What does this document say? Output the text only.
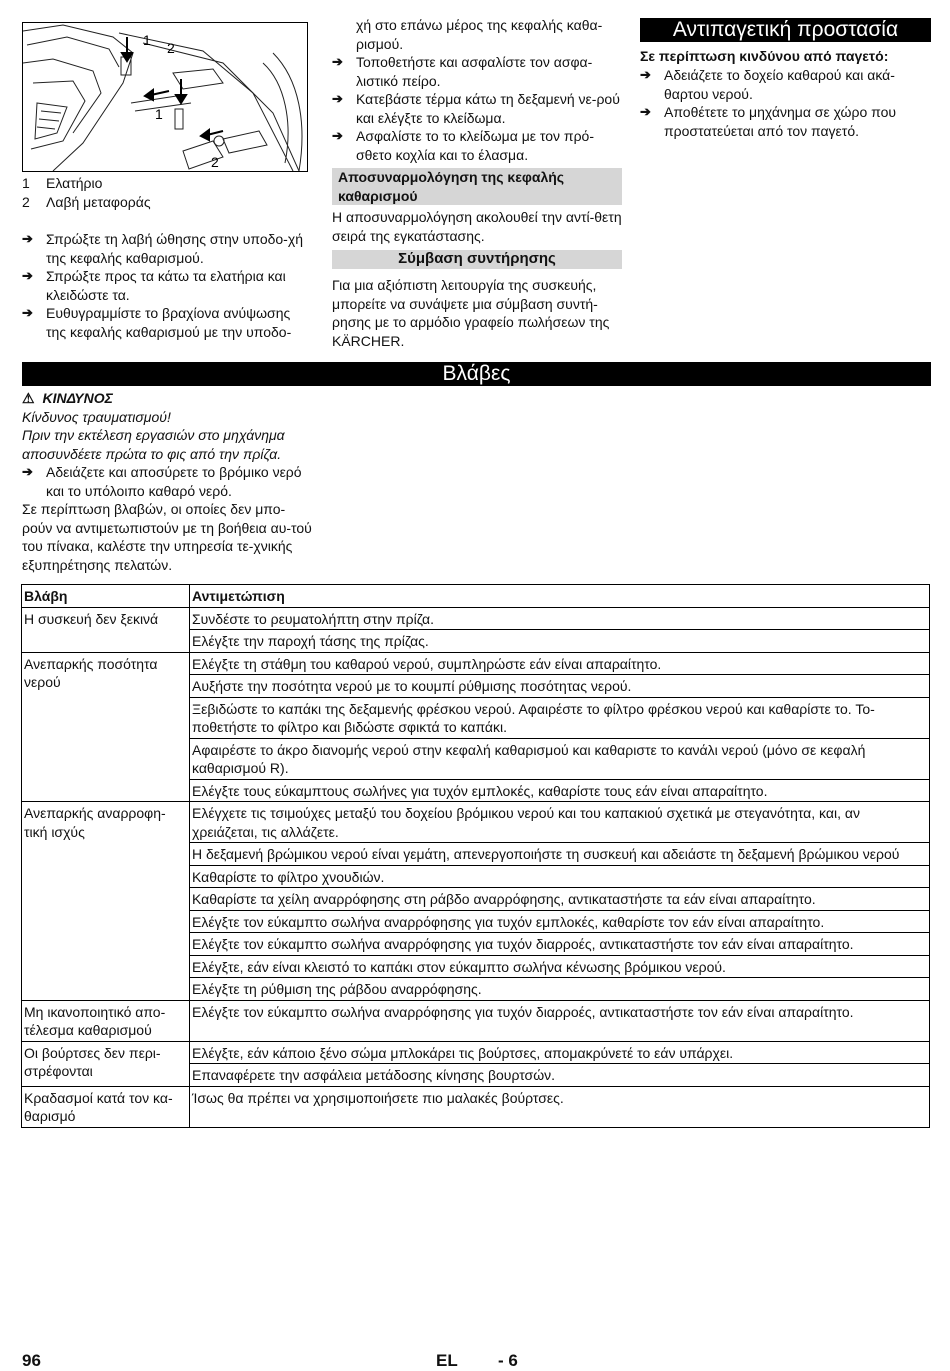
1 2
1
2
1 Ελατήριο
2 Λαβή μεταφοράς
➔ Σπρώξτε τη λαβή ώθησης στην υποδο-χή της κεφαλής καθαρισμού.
➔ Σπρώξτε προς τα κάτω τα ελατήρια και κλειδώστε τα.
➔ Ευθυγραμμίστε το βραχίονα ανύψωσης της κεφαλής καθαρισμού με την υποδο-
χή στο επάνω μέρος της κεφαλής καθα-ρισμού.
➔ Τοποθετήστε και ασφαλίστε τον ασφα-λιστικό πείρο.
➔ Κατεβάστε τέρμα κάτω τη δεξαμενή νε-ρού και ελέγξτε το κλείδωμα.
➔ Ασφαλίστε το το κλείδωμα με τον πρό-σθετο κοχλία και το έλασμα.
Αποσυναρμολόγηση της κεφαλής καθαρισμού
Η αποσυναρμολόγηση ακολουθεί την αντί-θετη σειρά της εγκατάστασης.
Σύμβαση συντήρησης
Για μια αξιόπιστη λειτουργία της συσκευής, μπορείτε να συνάψετε μια σύμβαση συντή-ρησης με το αρμόδιο γραφείο πωλήσεων της KÄRCHER.
Αντιπαγετική προστασία
Σε περίπτωση κινδύνου από παγετό:
➔ Αδειάζετε το δοχείο καθαρού και ακά-θαρτου νερού.
➔ Αποθέτετε το μηχάνημα σε χώρο που προστατεύεται από τον παγετό.
Βλάβες
⚠ ΚΙΝΔΥΝΟΣ
Κίνδυνος τραυματισμού!
Πριν την εκτέλεση εργασιών στο μηχάνημα αποσυνδέετε πρώτα το φις από την πρίζα.
➔ Αδειάζετε και αποσύρετε το βρόμικο νερό και το υπόλοιπο καθαρό νερό.
Σε περίπτωση βλαβών, οι οποίες δεν μπο-ρούν να αντιμετωπιστούν με τη βοήθεια αυ-τού του πίνακα, καλέστε την υπηρεσία τε-χνικής εξυπηρέτησης πελατών.
Βλάβη	Αντιμετώπιση
Η συσκευή δεν ξεκινά	Συνδέστε το ρευματολήπτη στην πρίζα.
	Ελέγξτε την παροχή τάσης της πρίζας.
Ανεπαρκής ποσότητα νερού	Ελέγξτε τη στάθμη του καθαρού νερού, συμπληρώστε εάν είναι απαραίτητο.
	Αυξήστε την ποσότητα νερού με το κουμπί ρύθμισης ποσότητας νερού.
	Ξεβιδώστε το καπάκι της δεξαμενής φρέσκου νερού. Αφαιρέστε το φίλτρο φρέσκου νερού και καθαρίστε το. Το-ποθετήστε το φίλτρο και βιδώστε σφικτά το καπάκι.
	Αφαιρέστε το άκρο διανομής νερού στην κεφαλή καθαρισμού και καθαριστε το κανάλι νερού (μόνο σε κεφαλή καθαρισμού R).
	Ελέγξτε τους εύκαμπτους σωλήνες για τυχόν εμπλοκές, καθαρίστε τους εάν είναι απαραίτητο.
Ανεπαρκής αναρροφη-τική ισχύς	Ελέγχετε τις τσιμούχες μεταξύ του δοχείου βρόμικου νερού και του καπακιού σχετικά με στεγανότητα, και, αν χρειάζεται, τις αλλάζετε.
	Η δεξαμενή βρώμικου νερού είναι γεμάτη, απενεργοποιήστε τη συσκευή και αδειάστε τη δεξαμενή βρώμικου νερού
	Καθαρίστε το φίλτρο χνουδιών.
	Καθαρίστε τα χείλη αναρρόφησης στη ράβδο αναρρόφησης, αντικαταστήστε τα εάν είναι απαραίτητο.
	Ελέγξτε τον εύκαμπτο σωλήνα αναρρόφησης για τυχόν εμπλοκές, καθαρίστε τον εάν είναι απαραίτητο.
	Ελέγξτε τον εύκαμπτο σωλήνα αναρρόφησης για τυχόν διαρροές, αντικαταστήστε τον εάν είναι απαραίτητο.
	Ελέγξτε, εάν είναι κλειστό το καπάκι στον εύκαμπτο σωλήνα κένωσης βρόμικου νερού.
	Ελέγξτε τη ρύθμιση της ράβδου αναρρόφησης.
Μη ικανοποιητικό απο-τέλεσμα καθαρισμού	Ελέγξτε τον εύκαμπτο σωλήνα αναρρόφησης για τυχόν διαρροές, αντικαταστήστε τον εάν είναι απαραίτητο.
Οι βούρτσες δεν περι-στρέφονται	Ελέγξτε, εάν κάποιο ξένο σώμα μπλοκάρει τις βούρτσες, απομακρύνετέ το εάν υπάρχει.
	Επαναφέρετε την ασφάλεια μετάδοσης κίνησης βουρτσών.
Κραδασμοί κατά τον κα-θαρισμό	Ίσως θα πρέπει να χρησιμοποιήσετε πιο μαλακές βούρτσες.
96	EL - 6
